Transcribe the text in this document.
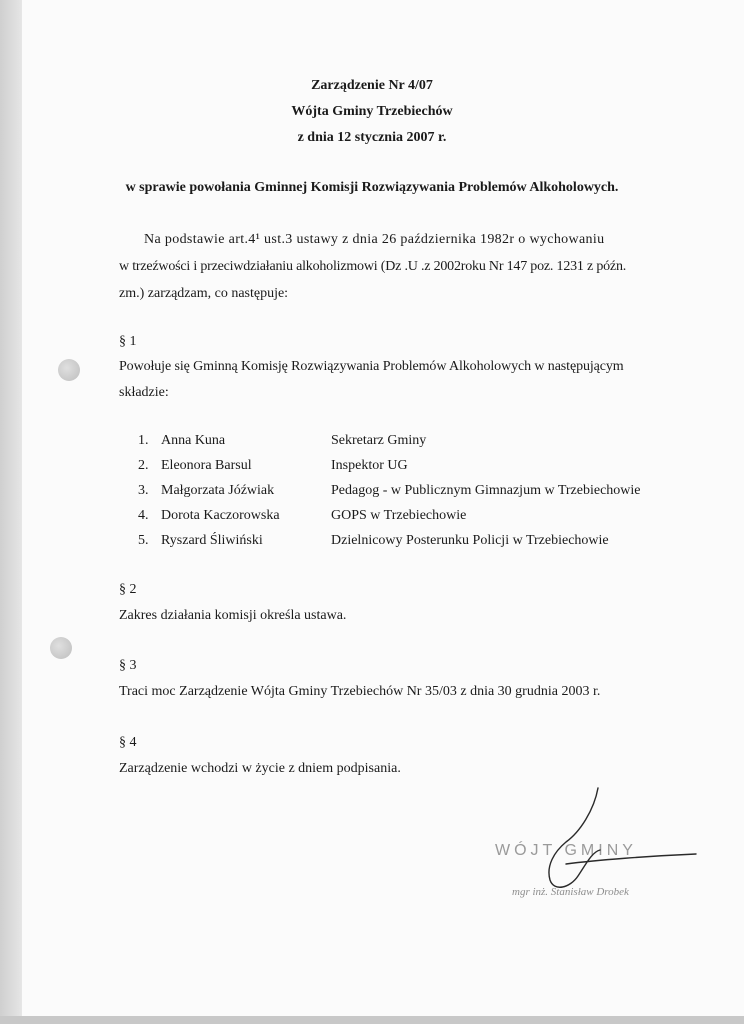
Zarządzenie Nr 4/07
Wójta Gminy Trzebiechów
z dnia 12 stycznia 2007 r.
w sprawie powołania Gminnej Komisji Rozwiązywania Problemów Alkoholowych.
Na podstawie art.4¹ ust.3 ustawy z dnia 26 października 1982r o wychowaniu
w trzeźwości i przeciwdziałaniu alkoholizmowi (Dz .U .z 2002roku Nr 147 poz. 1231 z późn.
zm.) zarządzam, co następuje:
§ 1
Powołuje się Gminną Komisję Rozwiązywania Problemów Alkoholowych w następującym
składzie:
1. Anna Kuna	Sekretarz Gminy
2. Eleonora Barsul	Inspektor UG
3. Małgorzata Jóźwiak	Pedagog - w Publicznym Gimnazjum w Trzebiechowie
4. Dorota Kaczorowska	GOPS w Trzebiechowie
5. Ryszard Śliwiński	Dzielnicowy Posterunku Policji w Trzebiechowie
§ 2
Zakres działania komisji określa ustawa.
§ 3
Traci moc Zarządzenie Wójta Gminy Trzebiechów Nr 35/03 z dnia 30 grudnia 2003 r.
§ 4
Zarządzenie wchodzi w życie z dniem podpisania.
WÓJT GMINY
mgr inż. Stanisław Drobek
